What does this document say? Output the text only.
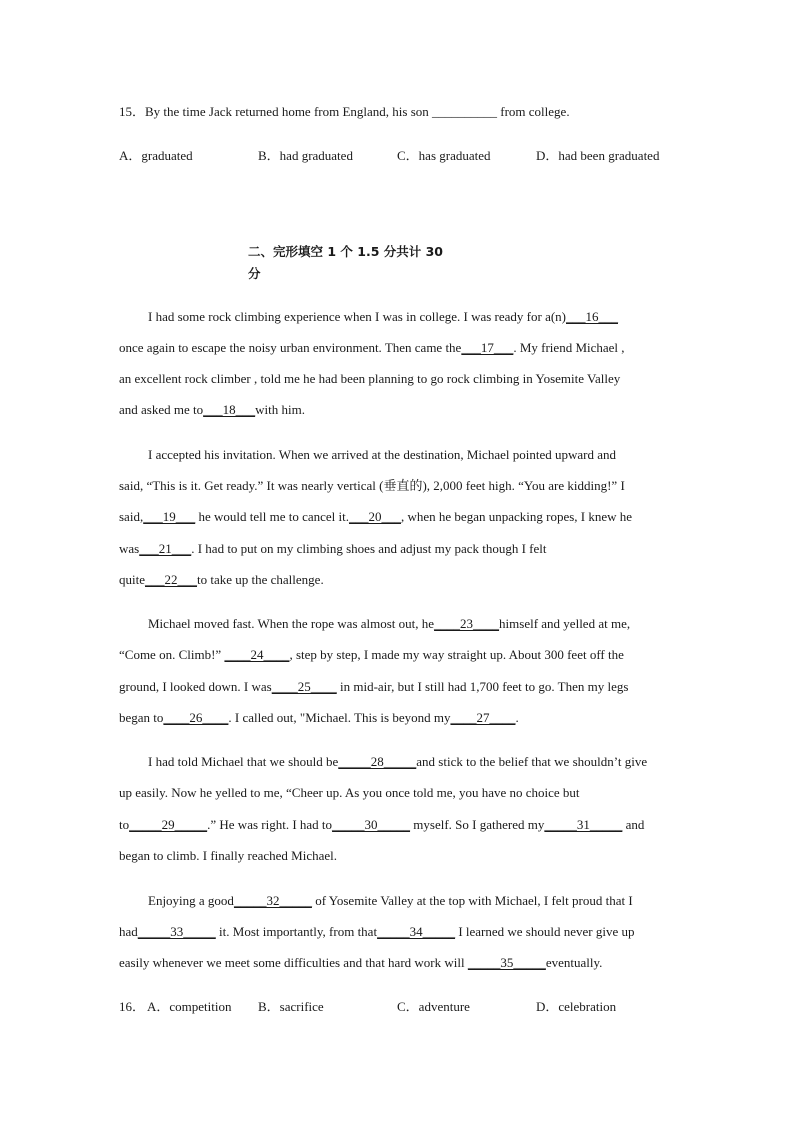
15．By the time Jack returned home from England, his son __________ from college.
A．graduated	B．had graduated	C．has graduated	D．had been graduated
二、完形填空 1 个 1.5 分共计 30 分
I had some rock climbing experience when I was in college. I was ready for a(n)___16___
once again to escape the noisy urban environment. Then came the___17___. My friend Michael ,
an excellent rock climber , told me he had been planning to go rock climbing in Yosemite Valley
and asked me to___18___with him.
I accepted his invitation. When we arrived at the destination, Michael pointed upward and
said, “This is it. Get ready.” It was nearly vertical (垂直的), 2,000 feet high. “You are kidding!” I
said,___19___ he would tell me to cancel it.___20___, when he began unpacking ropes, I knew he
was___21___. I had to put on my climbing shoes and adjust my pack though I felt
quite___22___to take up the challenge.
Michael moved fast. When the rope was almost out, he____23____himself and yelled at me,
“Come on. Climb!” ____24____, step by step, I made my way straight up. About 300 feet off the
ground, I looked down. I was____25____ in mid-air, but I still had 1,700 feet to go. Then my legs
began to____26____. I called out, "Michael. This is beyond my____27____.
I had told Michael that we should be_____28_____and stick to the belief that we shouldn’t give
up easily. Now he yelled to me, “Cheer up. As you once told me, you have no choice but
to_____29_____.” He was right. I had to_____30_____ myself. So I gathered my_____31_____ and
began to climb. I finally reached Michael.
Enjoying a good_____32_____ of Yosemite Valley at the top with Michael, I felt proud that I
had_____33_____ it. Most importantly, from that_____34_____ I learned we should never give up
easily whenever we meet some difficulties and that hard work will _____35_____eventually.
16． A．competition B．sacrifice	C．adventure	D．celebration
